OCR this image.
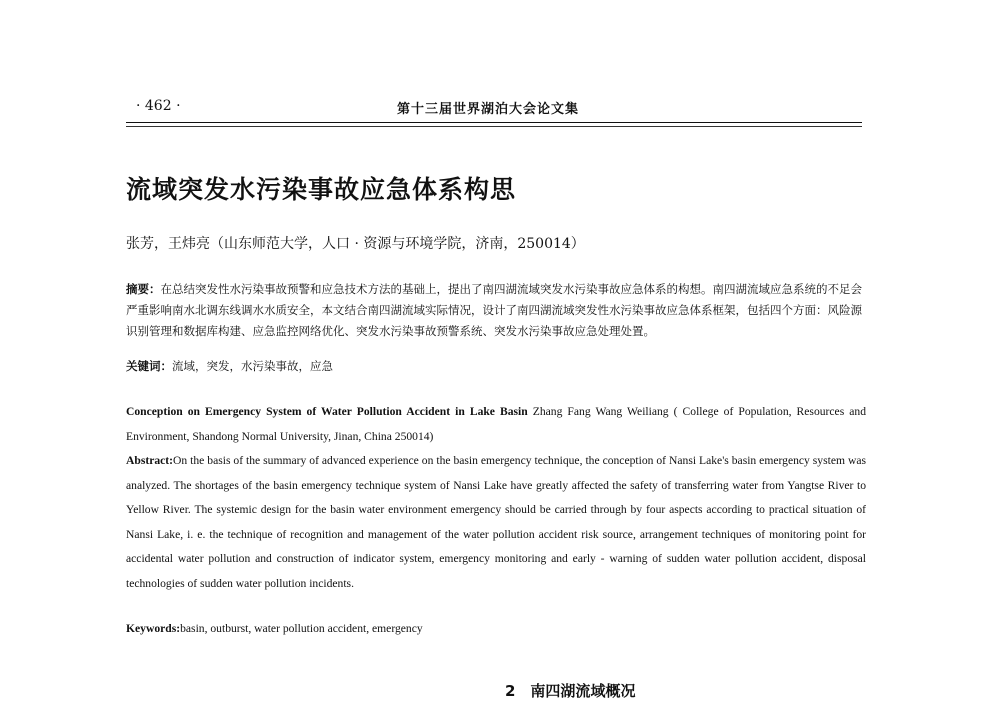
· 462 ·	第十三届世界湖泊大会论文集
流域突发水污染事故应急体系构思
张芳，王炜亮（山东师范大学，人口 · 资源与环境学院，济南，250014）
摘要：在总结突发性水污染事故预警和应急技术方法的基础上，提出了南四湖流域突发水污染事故应急体系的构想。南四湖流域应急系统的不足会严重影响南水北调东线调水水质安全，本文结合南四湖流域实际情况，设计了南四湖流域突发性水污染事故应急体系框架，包括四个方面：风险源识别管理和数据库构建、应急监控网络优化、突发水污染事故预警系统、突发水污染事故应急处理处置。
关键词：流域，突发，水污染事故，应急
Conception on Emergency System of Water Pollution Accident in Lake Basin Zhang Fang Wang Weiliang ( College of Population, Resources and Environment, Shandong Normal University, Jinan, China 250014)
Abstract:On the basis of the summary of advanced experience on the basin emergency technique, the conception of Nansi Lake's basin emergency system was analyzed. The shortages of the basin emergency technique system of Nansi Lake have greatly affected the safety of transferring water from Yangtse River to Yellow River. The systemic design for the basin water environment emergency should be carried through by four aspects according to practical situation of Nansi Lake, i. e. the technique of recognition and management of the water pollution accident risk source, arrangement techniques of monitoring point for accidental water pollution and construction of indicator system, emergency monitoring and early - warning of sudden water pollution accident, disposal technologies of sudden water pollution incidents.
Keywords:basin, outburst, water pollution accident, emergency
2　南四湖流域概况
